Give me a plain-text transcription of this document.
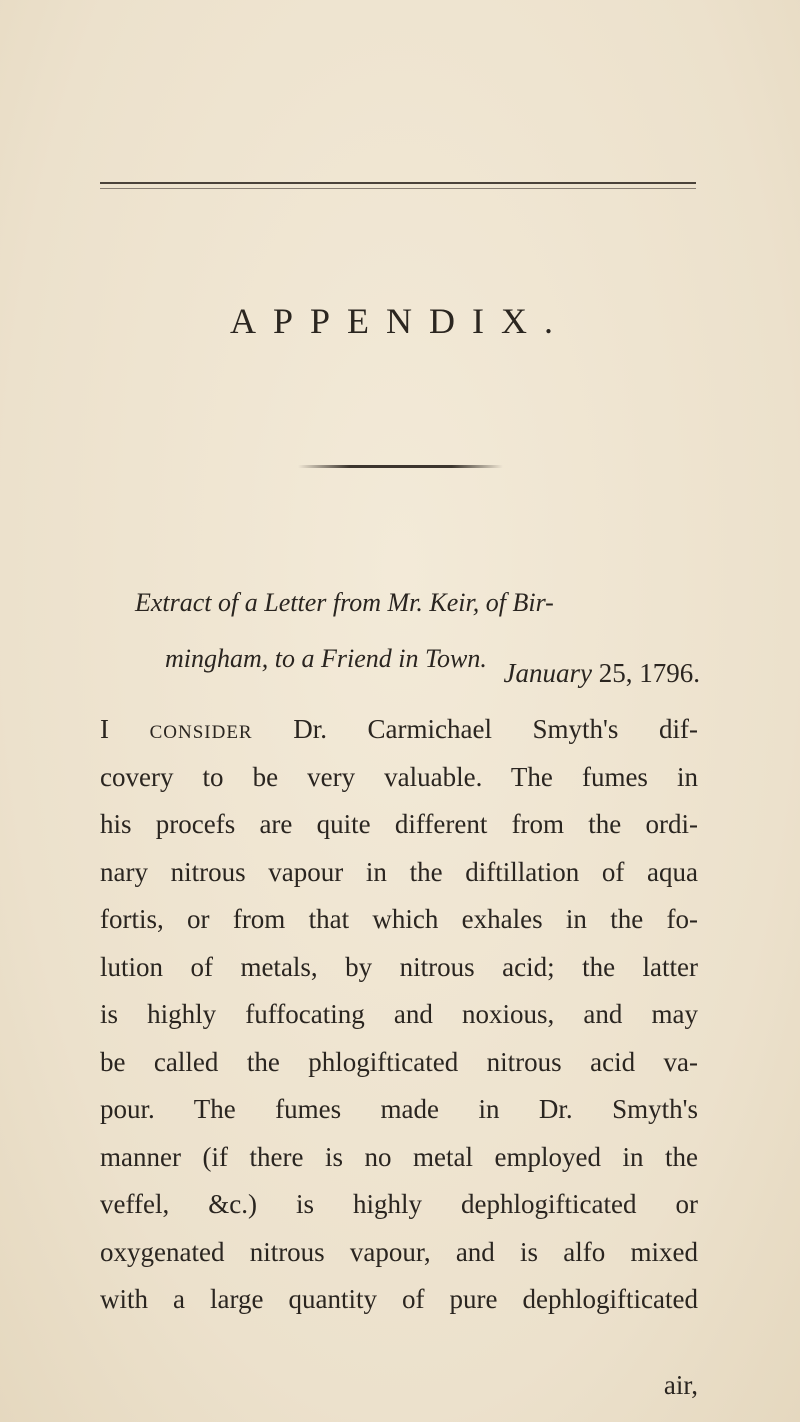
APPENDIX.
Extract of a Letter from Mr. Keir, of Bir-
mingham, to a Friend in Town. January 25, 1796.
I consider Dr. Carmichael Smyth's dif-
covery to be very valuable. The fumes in
his procefs are quite different from the ordi-
nary nitrous vapour in the diftillation of aqua
fortis, or from that which exhales in the fo-
lution of metals, by nitrous acid; the latter
is highly fuffocating and noxious, and may
be called the phlogifticated nitrous acid va-
pour. The fumes made in Dr. Smyth's
manner (if there is no metal employed in the
veffel, &c.) is highly dephlogifticated or
oxygenated nitrous vapour, and is alfo mixed
with a large quantity of pure dephlogifticated
air,
